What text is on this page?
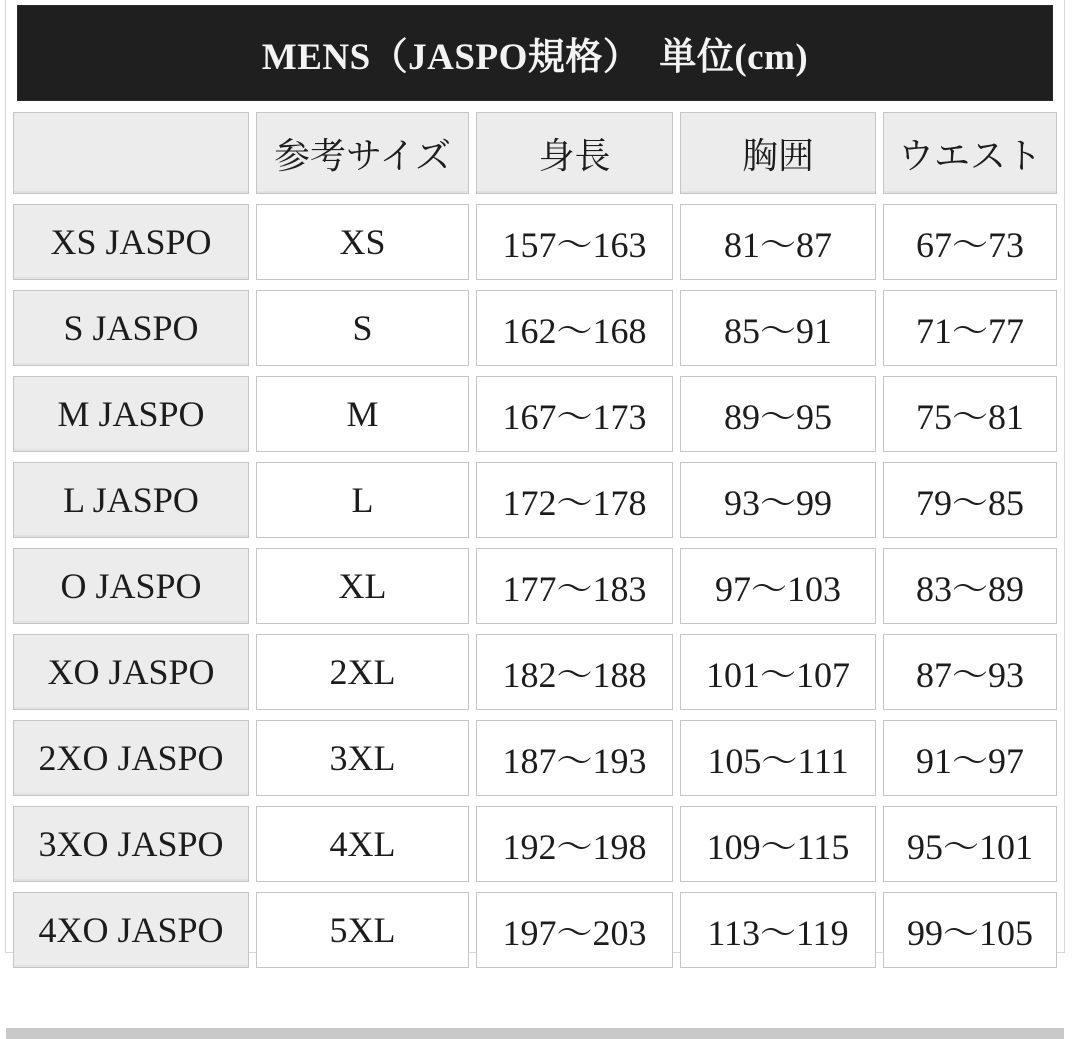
MENS（JASPO規格）　単位(cm)
	参考サイズ	身長	胸囲	ウエスト
XS JASPO	XS	157〜163	81〜87	67〜73
S JASPO	S	162〜168	85〜91	71〜77
M JASPO	M	167〜173	89〜95	75〜81
L JASPO	L	172〜178	93〜99	79〜85
O JASPO	XL	177〜183	97〜103	83〜89
XO JASPO	2XL	182〜188	101〜107	87〜93
2XO JASPO	3XL	187〜193	105〜111	91〜97
3XO JASPO	4XL	192〜198	109〜115	95〜101
4XO JASPO	5XL	197〜203	113〜119	99〜105
